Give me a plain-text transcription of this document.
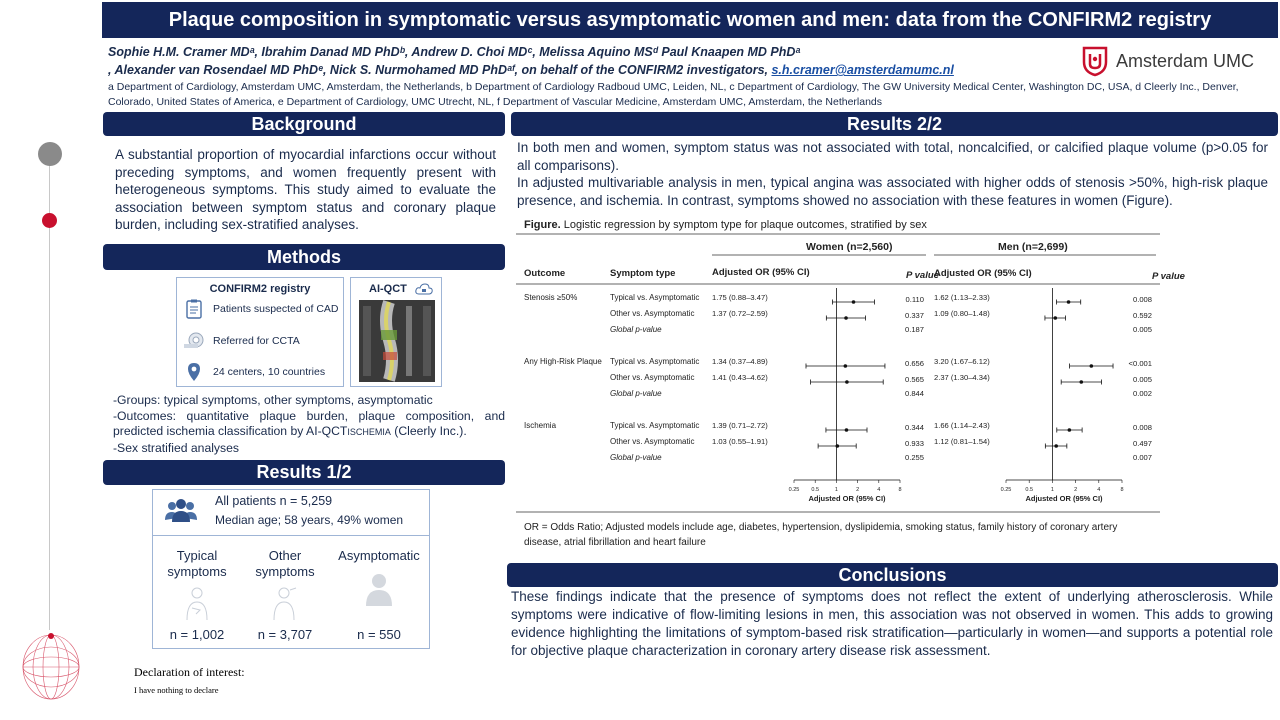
Plaque composition in symptomatic versus asymptomatic women and men: data from the CONFIRM2 registry
Sophie H.M. Cramer MDᵃ, Ibrahim Danad MD PhDᵇ, Andrew D. Choi MDᶜ, Melissa Aquino MSᵈ Paul Knaapen MD PhDᵃ
, Alexander van Rosendael MD PhDᵉ, Nick S. Nurmohamed MD PhDᵃᶠ, on behalf of the CONFIRM2 investigators, s.h.cramer@amsterdamumc.nl
a Department of Cardiology, Amsterdam UMC, Amsterdam, the Netherlands, b Department of Cardiology Radboud UMC, Leiden, NL, c Department of Cardiology, The GW University Medical Center, Washington DC, USA, d Cleerly Inc., Denver, Colorado, United States of America, e Department of Cardiology, UMC Utrecht, NL, f Department of Vascular Medicine, Amsterdam UMC, Amsterdam, the Netherlands
Amsterdam UMC
Background
A substantial proportion of myocardial infarctions occur without preceding symptoms, and women frequently present with heterogeneous symptoms. This study aimed to evaluate the association between symptom status and coronary plaque burden, including sex-stratified analyses.
Methods
CONFIRM2 registry
Patients suspected of CAD
Referred for CCTA
24 centers, 10 countries
AI-QCT
-Groups: typical symptoms, other symptoms, asymptomatic
-Outcomes: quantitative plaque burden, plaque composition, and predicted ischemia classification by AI-QCTISCHEMIA (Cleerly Inc.).
-Sex stratified analyses
Results 1/2
All patients n = 5,259
Median age; 58 years, 49% women
Typical
symptoms
n = 1,002
Other
symptoms
n = 3,707
Asymptomatic
n = 550
Results 2/2
In both men and women, symptom status was not associated with total, noncalcified, or calcified plaque volume (p>0.05 for all comparisons).
In adjusted multivariable analysis in men, typical angina was associated with higher odds of stenosis >50%, high-risk plaque presence, and ischemia. In contrast, symptoms showed no association with these features in women (Figure).
Figure. Logistic regression by symptom type for plaque outcomes, stratified by sex
Women (n=2,560)	Men (n=2,699)
Outcome	Symptom type	Adjusted OR (95% CI)	P value
Adjusted OR (95% CI)	P value
Stenosis ≥50%	Typical vs. Asymptomatic 1.75 (0.88–3.47)	0.110 1.62 (1.13–2.33)	0.008
Other vs. Asymptomatic 1.37 (0.72–2.59)	0.337 1.09 (0.80–1.48)	0.592
Global p-value	0.187	0.005
Any High-Risk Plaque Typical vs. Asymptomatic 1.34 (0.37–4.89)	0.656 3.20 (1.67–6.12)	<0.001
Other vs. Asymptomatic 1.41 (0.43–4.62)	0.565 2.37 (1.30–4.34)	0.005
Global p-value	0.844	0.002
Ischemia	Typical vs. Asymptomatic 1.39 (0.71–2.72)	0.344 1.66 (1.14–2.43)	0.008
Other vs. Asymptomatic 1.03 (0.55–1.91)	0.933 1.12 (0.81–1.54)	0.497
Global p-value	0.255	0.007
0.25 0.5	1	2	4	8
Adjusted OR (95% CI)
0.25	0.5	1	2	4	8
Adjusted OR (95% CI)
OR = Odds Ratio; Adjusted models include age, diabetes, hypertension, dyslipidemia, smoking status, family history of coronary artery disease, atrial fibrillation and heart failure
Conclusions
These findings indicate that the presence of symptoms does not reflect the extent of underlying atherosclerosis. While symptoms were indicative of flow-limiting lesions in men, this association was not observed in women. This adds to growing evidence highlighting the limitations of symptom-based risk stratification—particularly in women—and supports a potential role for objective plaque characterization in coronary artery disease risk assessment.
Declaration of interest:
I have nothing to declare
